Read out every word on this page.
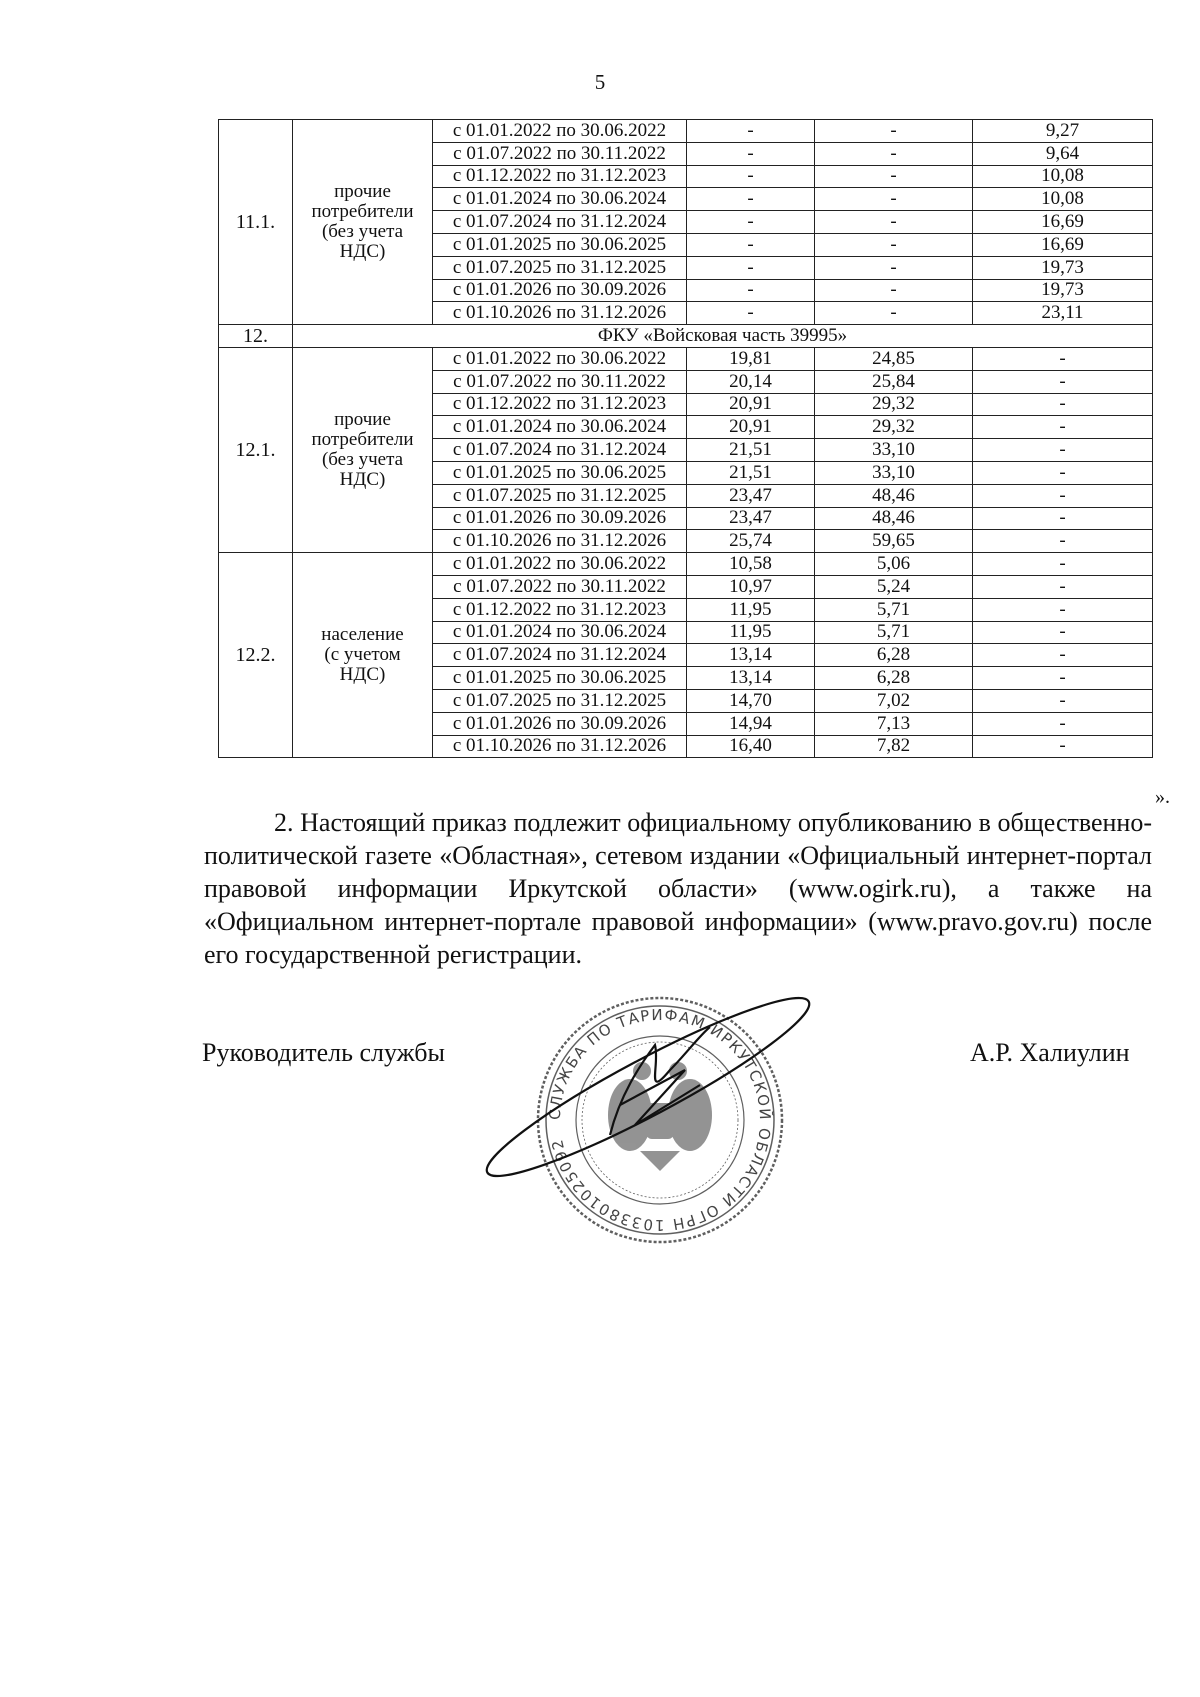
5
11.1.	прочие
потребители
(без учета
НДС)	с 01.01.2022 по 30.06.2022	-	-	9,27
		с 01.07.2022 по 30.11.2022	-	-	9,64
		с 01.12.2022 по 31.12.2023	-	-	10,08
		с 01.01.2024 по 30.06.2024	-	-	10,08
		с 01.07.2024 по 31.12.2024	-	-	16,69
		с 01.01.2025 по 30.06.2025	-	-	16,69
		с 01.07.2025 по 31.12.2025	-	-	19,73
		с 01.01.2026 по 30.09.2026	-	-	19,73
		с 01.10.2026 по 31.12.2026	-	-	23,11
12.	ФКУ «Войсковая часть 39995»				
12.1.	прочие
потребители
(без учета
НДС)	с 01.01.2022 по 30.06.2022	19,81	24,85	-
		с 01.07.2022 по 30.11.2022	20,14	25,84	-
		с 01.12.2022 по 31.12.2023	20,91	29,32	-
		с 01.01.2024 по 30.06.2024	20,91	29,32	-
		с 01.07.2024 по 31.12.2024	21,51	33,10	-
		с 01.01.2025 по 30.06.2025	21,51	33,10	-
		с 01.07.2025 по 31.12.2025	23,47	48,46	-
		с 01.01.2026 по 30.09.2026	23,47	48,46	-
		с 01.10.2026 по 31.12.2026	25,74	59,65	-
12.2.	население
(с учетом
НДС)	с 01.01.2022 по 30.06.2022	10,58	5,06	-
		с 01.07.2022 по 30.11.2022	10,97	5,24	-
		с 01.12.2022 по 31.12.2023	11,95	5,71	-
		с 01.01.2024 по 30.06.2024	11,95	5,71	-
		с 01.07.2024 по 31.12.2024	13,14	6,28	-
		с 01.01.2025 по 30.06.2025	13,14	6,28	-
		с 01.07.2025 по 31.12.2025	14,70	7,02	-
		с 01.01.2026 по 30.09.2026	14,94	7,13	-
		с 01.10.2026 по 31.12.2026	16,40	7,82	-
».

2. Настоящий приказ подлежит официальному опубликованию в общественно-политической газете «Областная», сетевом издании «Официальный интернет-портал правовой информации Иркутской области» (www.ogirk.ru), а также на «Официальном интернет-портале правовой информации» (www.pravo.gov.ru) после его государственной регистрации.

Руководитель службы	А.Р. Халиулин
СЛУЖБА ПО ТАРИФАМ ИРКУТСКОЙ ОБЛАСТИ ОГРН 1033801025092
